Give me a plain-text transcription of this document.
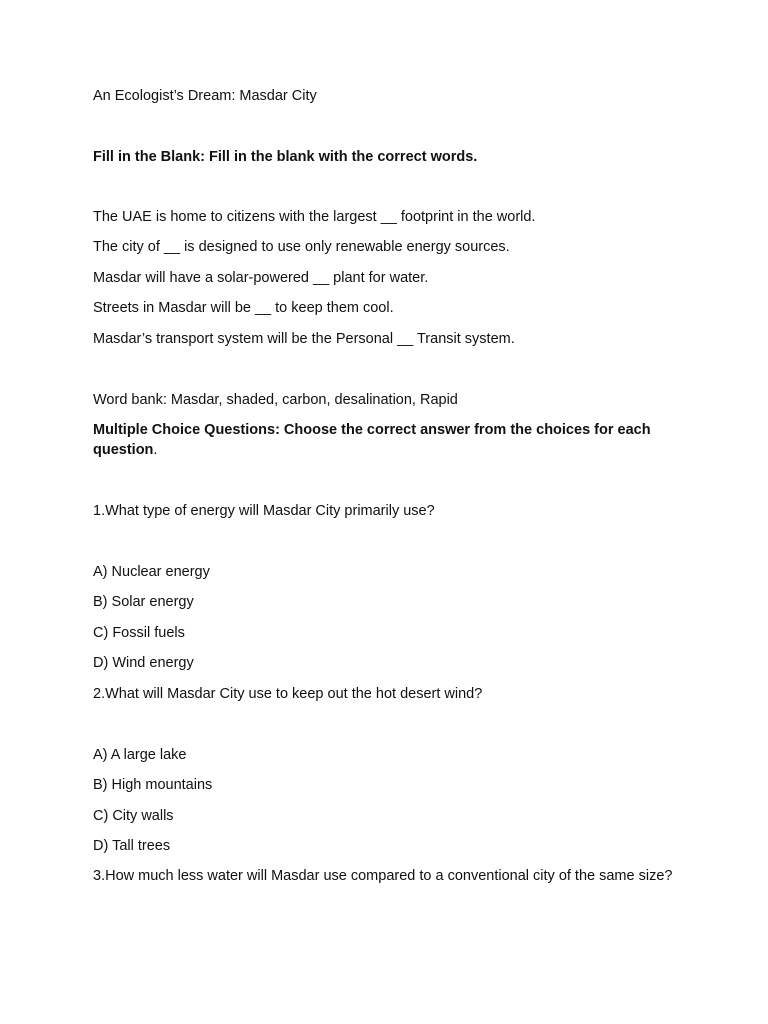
An Ecologist’s Dream: Masdar City

Fill in the Blank: Fill in the blank with the correct words.

The UAE is home to citizens with the largest __ footprint in the world.

The city of __ is designed to use only renewable energy sources.

Masdar will have a solar-powered __ plant for water.

Streets in Masdar will be __ to keep them cool.

Masdar’s transport system will be the Personal __ Transit system.

Word bank: Masdar, shaded, carbon, desalination, Rapid

Multiple Choice Questions: Choose the correct answer from the choices for each question.

1.What type of energy will Masdar City primarily use?

A) Nuclear energy

B) Solar energy

C) Fossil fuels

D) Wind energy

2.What will Masdar City use to keep out the hot desert wind?

A) A large lake

B) High mountains

C) City walls

D) Tall trees

3.How much less water will Masdar use compared to a conventional city of the same size?
